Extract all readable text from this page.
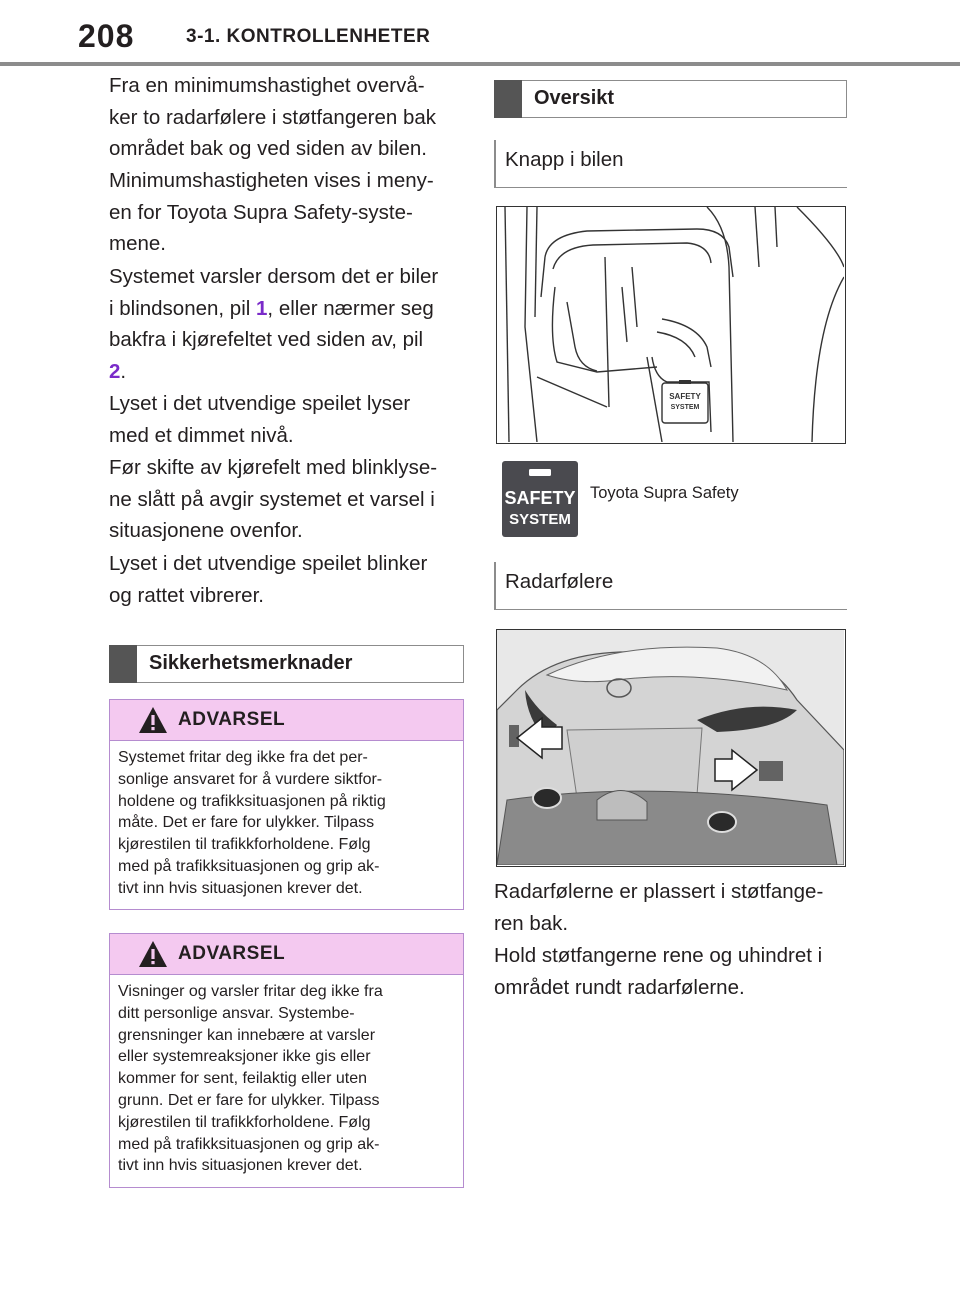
208	3-1. KONTROLLENHETER

Fra en minimumshastighet overvå-
ker to radarfølere i støtfangeren bak
området bak og ved siden av bilen.

Minimumshastigheten vises i meny-
en for Toyota Supra Safety-syste-
mene.

Systemet varsler dersom det er biler
i blindsonen, pil 1, eller nærmer seg
bakfra i kjørefeltet ved siden av, pil
2.

Lyset i det utvendige speilet lyser
med et dimmet nivå.

Før skifte av kjørefelt med blinklyse-
ne slått på avgir systemet et varsel i
situasjonene ovenfor.

Lyset i det utvendige speilet blinker
og rattet vibrerer.

Sikkerhetsmerknader
ADVARSEL
Systemet fritar deg ikke fra det per-
sonlige ansvaret for å vurdere siktfor-
holdene og trafikksituasjonen på riktig
måte. Det er fare for ulykker. Tilpass
kjørestilen til trafikkforholdene. Følg
med på trafikksituasjonen og grip ak-
tivt inn hvis situasjonen krever det.
ADVARSEL
Visninger og varsler fritar deg ikke fra
ditt personlige ansvar. Systembe-
grensninger kan innebære at varsler
eller systemreaksjoner ikke gis eller
kommer for sent, feilaktig eller uten
grunn. Det er fare for ulykker. Tilpass
kjørestilen til trafikkforholdene. Følg
med på trafikksituasjonen og grip ak-
tivt inn hvis situasjonen krever det.
Oversikt
Knapp i bilen
SAFETY
SYSTEM
SAFETY
SYSTEM
Toyota Supra Safety
Radarfølere

Radarfølerne er plassert i støtfange-
ren bak.

Hold støtfangerne rene og uhindret i
området rundt radarfølerne.
